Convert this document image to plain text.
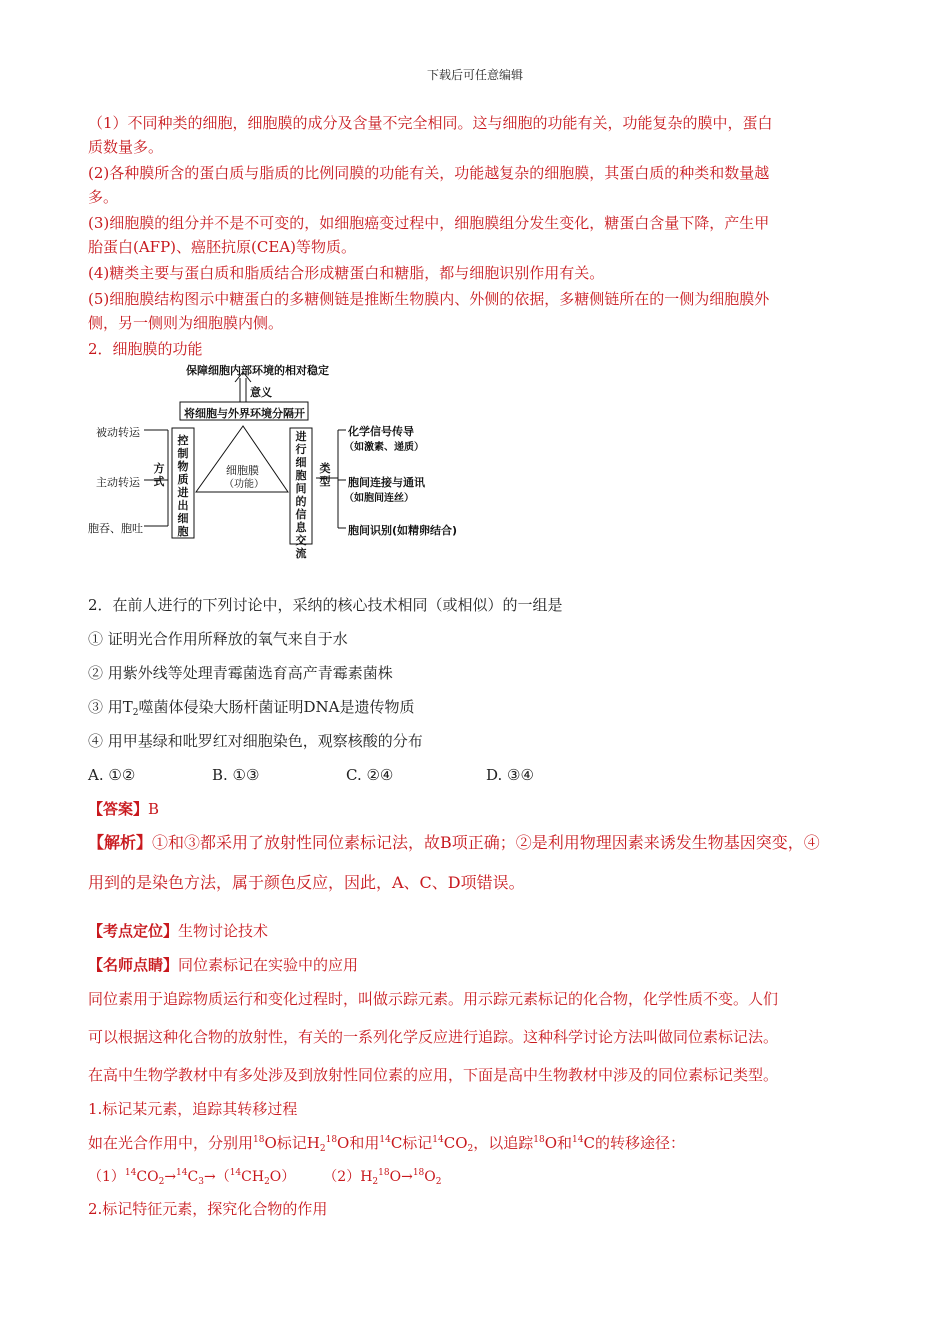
下载后可任意编辑
（1）不同种类的细胞，细胞膜的成分及含量不完全相同。这与细胞的功能有关，功能复杂的膜中，蛋白
质数量多。
(2)各种膜所含的蛋白质与脂质的比例同膜的功能有关，功能越复杂的细胞膜，其蛋白质的种类和数量越
多。
(3)细胞膜的组分并不是不可变的，如细胞癌变过程中，细胞膜组分发生变化，糖蛋白含量下降，产生甲
胎蛋白(AFP)、癌胚抗原(CEA)等物质。
(4)糖类主要与蛋白质和脂质结合形成糖蛋白和糖脂，都与细胞识别作用有关。
(5)细胞膜结构图示中糖蛋白的多糖侧链是推断生物膜内、外侧的依据，多糖侧链所在的一侧为细胞膜外
侧，另一侧则为细胞膜内侧。
2．细胞膜的功能
保障细胞内部环境的相对稳定
意义
将细胞与外界环境分隔开
细胞膜
（功能）
控制物质进出细胞
进行细胞间的信息交流
方式
类型
被动转运
主动转运
胞吞、胞吐
化学信号传导
（如激素、递质）
胞间连接与通讯
（如胞间连丝）
胞间识别(如精卵结合)
2．在前人进行的下列讨论中，采纳的核心技术相同（或相似）的一组是
① 证明光合作用所释放的氧气来自于水
② 用紫外线等处理青霉菌选育高产青霉素菌株
③ 用$T_2$噬菌体侵染大肠杆菌证明DNA是遗传物质
④ 用甲基绿和吡罗红对细胞染色，观察核酸的分布
A. ①②	B. ①③	C. ②④	D. ③④
【答案】B
【解析】①和③都采用了放射性同位素标记法，故B项正确；②是利用物理因素来诱发生物基因突变，④
用到的是染色方法，属于颜色反应，因此，A、C、D项错误。
【考点定位】生物讨论技术
【名师点睛】同位素标记在实验中的应用
同位素用于追踪物质运行和变化过程时，叫做示踪元素。用示踪元素标记的化合物，化学性质不变。人们
可以根据这种化合物的放射性，有关的一系列化学反应进行追踪。这种科学讨论方法叫做同位素标记法。
在高中生物学教材中有多处涉及到放射性同位素的应用，下面是高中生物教材中涉及的同位素标记类型。
1.标记某元素，追踪其转移过程
如在光合作用中，分别用$^{18}$O标记$H_2^{18}O$和用$^{14}$C标记$^{14}CO_2$，以追踪$^{18}$O和$^{14}$C的转移途径：
$(1)^{14}CO_2\to^{14}C_3\to(^{14}CH_2O)$ $(2)H_2^{18}O\to^{18}O_2$
2.标记特征元素，探究化合物的作用
